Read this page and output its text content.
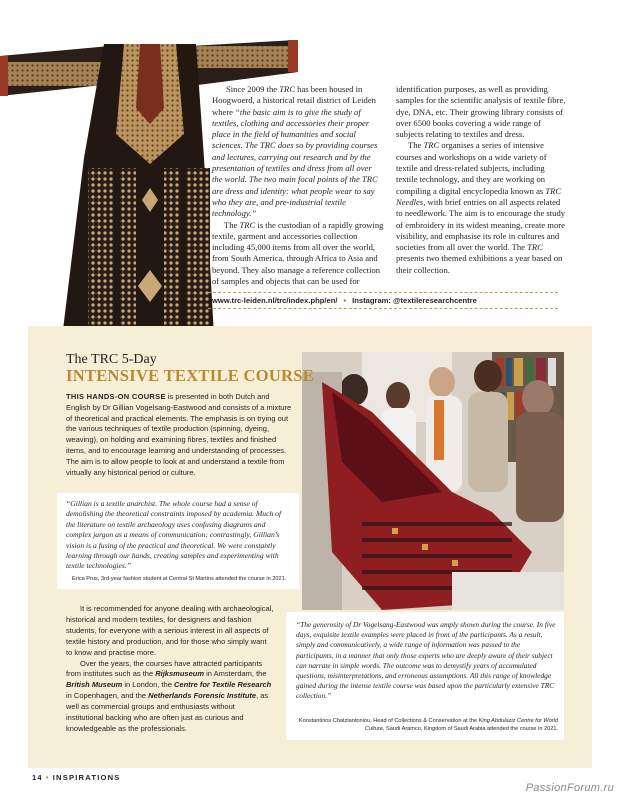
Since 2009 the TRC has been housed in Hoogwoerd, a historical retail district of Leiden where “the basic aim is to give the study of textiles, clothing and accessories their proper place in the field of humanities and social sciences. The TRC does so by providing courses and lectures, carrying out research and by the presentation of textiles and dress from all over the world. The two main focal points of the TRC are dress and identity: what people wear to say who they are, and pre-industrial textile technology.”

The TRC is the custodian of a rapidly growing textile, garment and accessories collection including 45,000 items from all over the world, from South America, through Africa to Asia and beyond. They also manage a reference collection of samples and objects that can be used for

identification purposes, as well as providing samples for the scientific analysis of textile fibre, dye, DNA, etc. Their growing library consists of over 6500 books covering a wide range of subjects relating to textiles and dress.

The TRC organises a series of intensive courses and workshops on a wide variety of textile and dress-related subjects, including textile technology, and they are working on compiling a digital encyclopedia known as TRC Needles, with brief entries on all aspects related to needlework. The aim is to encourage the study of embroidery in its widest meaning, create more visibility, and emphasise its role in cultures and societies from all over the world. The TRC presents two themed exhibitions a year based on their collection.

www.trc-leiden.nl/trc/index.php/en/ • Instagram: @textileresearchcentre
The TRC 5-Day
INTENSIVE TEXTILE COURSE
THIS HANDS-ON COURSE is presented in both Dutch and English by Dr Gillian Vogelsang-Eastwood and consists of a mixture of theoretical and practical elements. The emphasis is on trying out the various techniques of textile production (spinning, dyeing, weaving), on holding and examining fibres, textiles and finished items, and to encourage learning and understanding of processes. The aim is to allow people to look at and understand a textile from virtually any historical period or culture.
“Gillian is a textile anarchist. The whole course had a sense of demolishing the theoretical constraints imposed by academia. Much of the literature on textile archaeology uses confusing diagrams and complex jargon as a means of communication; contrastingly, Gillian’s vision is a fusing of the practical and theoretical. We were constantly learning through our hands, creating samples and experimenting with textile technologies.”
Erica Prus, 3rd-year fashion student at Central St Martins attended the course in 2021.

It is recommended for anyone dealing with archaeological, historical and modern textiles, for designers and fashion students, for everyone with a serious interest in all aspects of textile history and production, and for those who simply want to know and practise more.

Over the years, the courses have attracted participants from institutes such as the Rijksmuseum in Amsterdam, the British Museum in London, the Centre for Textile Research in Copenhagen, and the Netherlands Forensic Institute, as well as commercial groups and enthusiasts without institutional backing who are often just as curious and knowledgeable as the professionals.

“The generosity of Dr Vogelsang-Eastwood was amply shown during the course. In five days, exquisite textile examples were placed in front of the participants. As a result, simply and communicatively, a wide range of information was passed to the participants, in a manner that only those experts who are deeply aware of their subject can narrate in simple words. The outcome was to demystify years of accumulated questions, misinterpretations, and erroneous assumptions. All this range of knowledge gained during the intense textile course was based upon the particularly extensive TRC collection.”
Konstantinos Chatziantoniou, Head of Collections & Conservation at the King Abdulaziz Centre for World Culture, Saudi Aramco, Kingdom of Saudi Arabia attended the course in 2021.
14 • INSPIRATIONS
PassionForum.ru
